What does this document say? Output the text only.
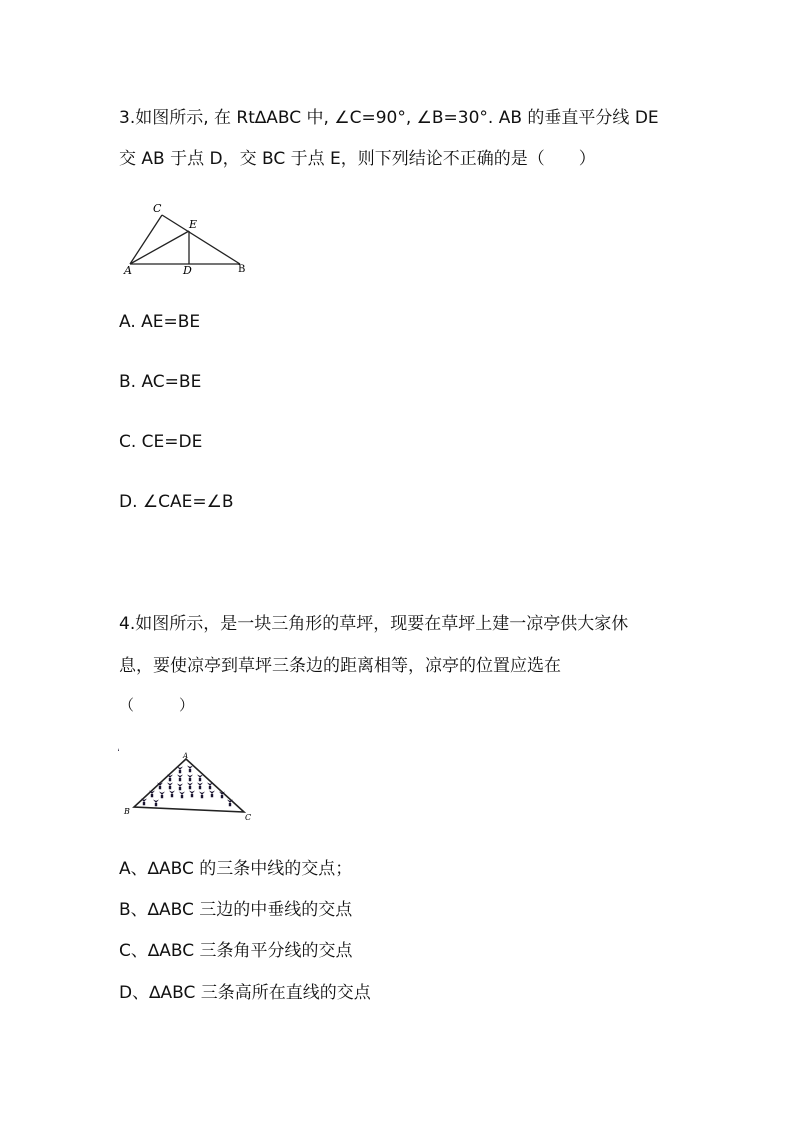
3.如图所示, 在 Rt∆ABC 中, ∠C=90°, ∠B=30°. AB 的垂直平分线 DE
交 AB 于点 D，交 BC 于点 E，则下列结论不正确的是（　　）
C
E
A	D	B
A. AE=BE
B. AC=BE
C. CE=DE
D. ∠CAE=∠B
4.如图所示，是一块三角形的草坪，现要在草坪上建一凉亭供大家休
息，要使凉亭到草坪三条边的距离相等，凉亭的位置应选在
（　　　）
A
B
C
A、∆ABC 的三条中线的交点；
B、∆ABC 三边的中垂线的交点
C、∆ABC 三条角平分线的交点
D、∆ABC 三条高所在直线的交点
